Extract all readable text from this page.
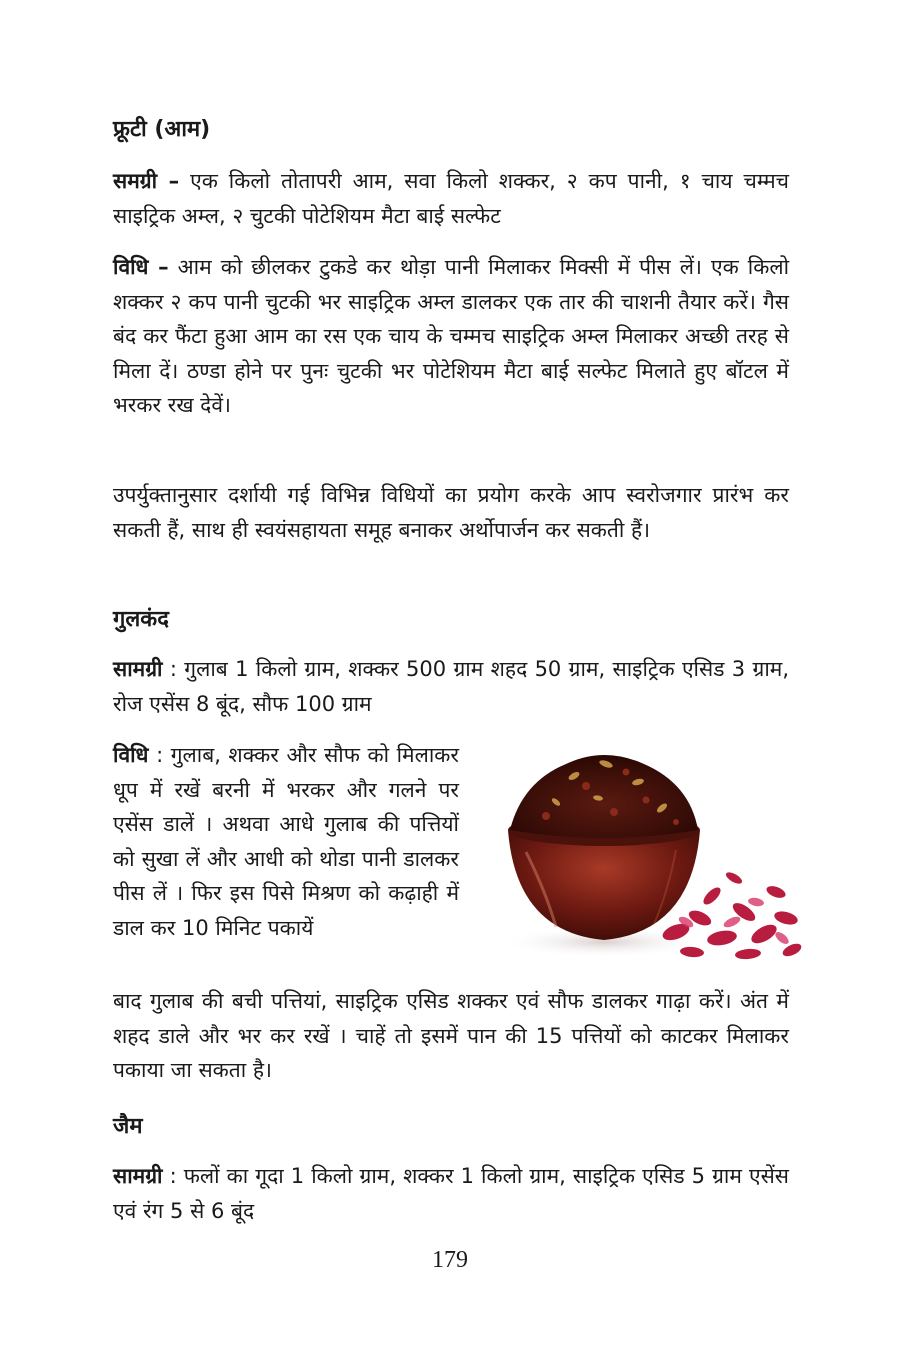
फ्रूटी (आम)

समग्री – एक किलो तोतापरी आम, सवा किलो शक्कर, २ कप पानी, १ चाय चम्मच साइट्रिक अम्ल, २ चुटकी पोटेशियम मैटा बाई सल्फेट

विधि – आम को छीलकर टुकडे कर थोड़ा पानी मिलाकर मिक्सी में पीस लें। एक किलो शक्कर २ कप पानी चुटकी भर साइट्रिक अम्ल डालकर एक तार की चाशनी तैयार करें। गैस बंद कर फैंटा हुआ आम का रस एक चाय के चम्मच साइट्रिक अम्ल मिलाकर अच्छी तरह से मिला दें। ठण्डा होने पर पुनः चुटकी भर पोटेशियम मैटा बाई सल्फेट मिलाते हुए बॉटल में भरकर रख देवें।

उपर्युक्तानुसार दर्शायी गई विभिन्न विधियों का प्रयोग करके आप स्वरोजगार प्रारंभ कर सकती हैं, साथ ही स्वयंसहायता समूह बनाकर अर्थोपार्जन कर सकती हैं।

गुलकंद

सामग्री : गुलाब 1 किलो ग्राम, शक्कर 500 ग्राम शहद 50 ग्राम, साइट्रिक एसिड 3 ग्राम, रोज एसेंस 8 बूंद, सौफ 100 ग्राम

विधि : गुलाब, शक्कर और सौफ को मिलाकर धूप में रखें बरनी में भरकर और गलने पर एसेंस डालें । अथवा आधे गुलाब की पत्तियों को सुखा लें और आधी को थोडा पानी डालकर पीस लें । फिर इस पिसे मिश्रण को कढ़ाही में डाल कर 10 मिनिट पकायें

बाद गुलाब की बची पत्तियां, साइट्रिक एसिड शक्कर एवं सौफ डालकर गाढ़ा करें। अंत में शहद डाले और भर कर रखें । चाहें तो इसमें पान की 15 पत्तियों को काटकर मिलाकर पकाया जा सकता है।

जैम

सामग्री : फलों का गूदा 1 किलो ग्राम, शक्कर 1 किलो ग्राम, साइट्रिक एसिड 5 ग्राम एसेंस एवं रंग 5 से 6 बूंद

179
